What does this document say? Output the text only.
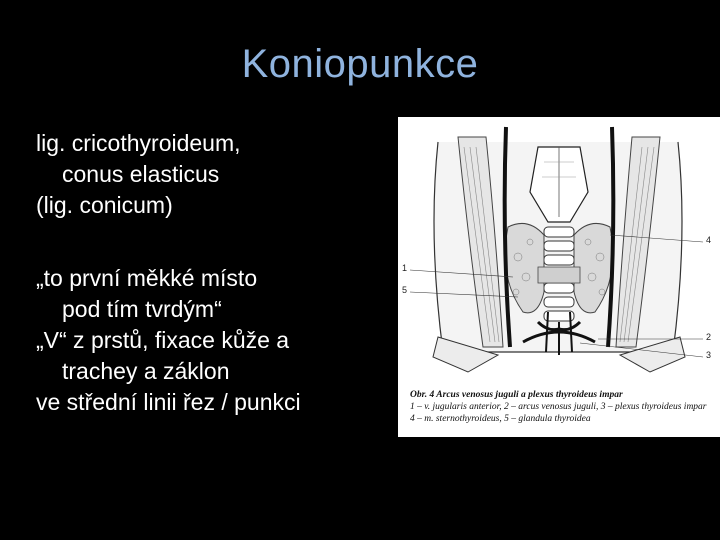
Koniopunkce
lig. cricothyroideum,
conus elasticus
(lig. conicum)
„to první měkké místo
pod tím tvrdým“
„V“ z prstů, fixace kůže a
trachey a záklon
ve střední linii řez / punkci
1
5
4
2
3
Obr. 4 Arcus venosus juguli a plexus thyroideus impar
1 – v. jugularis anterior, 2 – arcus venosus juguli, 3 – plexus thyroideus impar
4 – m. sternothyroideus, 5 – glandula thyroidea
